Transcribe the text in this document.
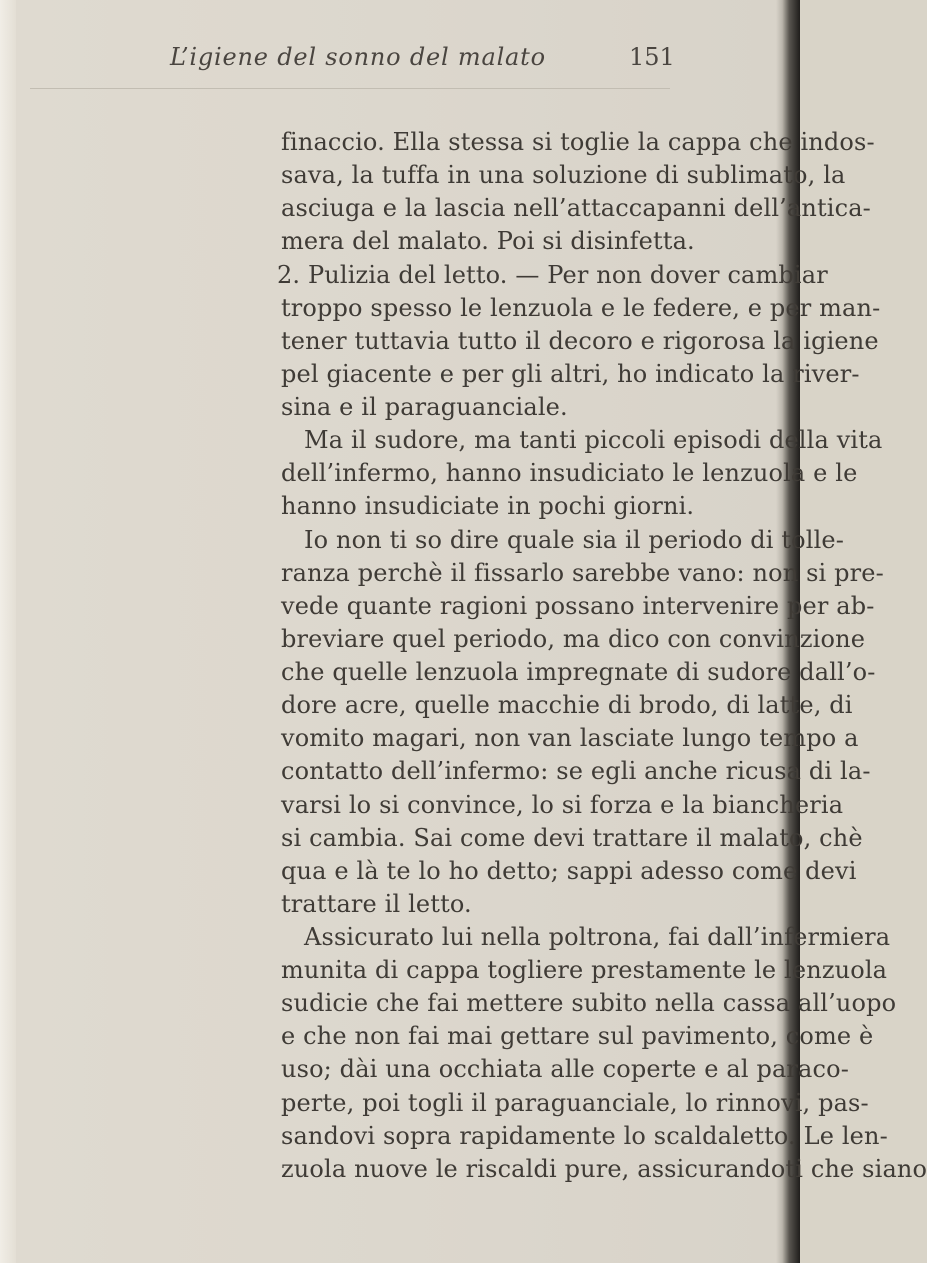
L’igiene del sonno del malato	151
finaccio. Ella stessa si toglie la cappa che indos-
sava, la tuffa in una soluzione di sublimato, la
asciuga e la lascia nell’attaccapanni dell’antica-
mera del malato. Poi si disinfetta.
2. Pulizia del letto. — Per non dover cambiar
troppo spesso le lenzuola e le federe, e per man-
tener tuttavia tutto il decoro e rigorosa la igiene
pel giacente e per gli altri, ho indicato la river-
sina e il paraguanciale.
Ma il sudore, ma tanti piccoli episodi della vita
dell’infermo, hanno insudiciato le lenzuola e le
hanno insudiciate in pochi giorni.
Io non ti so dire quale sia il periodo di tolle-
ranza perchè il fissarlo sarebbe vano: non si pre-
vede quante ragioni possano intervenire per ab-
breviare quel periodo, ma dico con convinzione
che quelle lenzuola impregnate di sudore dall’o-
dore acre, quelle macchie di brodo, di latte, di
vomito magari, non van lasciate lungo tempo a
contatto dell’infermo: se egli anche ricusa di la-
varsi lo si convince, lo si forza e la biancheria
si cambia. Sai come devi trattare il malato, chè
qua e là te lo ho detto; sappi adesso come devi
trattare il letto.
Assicurato lui nella poltrona, fai dall’infermiera
munita di cappa togliere prestamente le lenzuola
sudicie che fai mettere subito nella cassa all’uopo
e che non fai mai gettare sul pavimento, come è
uso; dài una occhiata alle coperte e al paraco-
perte, poi togli il paraguanciale, lo rinnovi, pas-
sandovi sopra rapidamente lo scaldaletto. Le len-
zuola nuove le riscaldi pure, assicurandoti che siano
